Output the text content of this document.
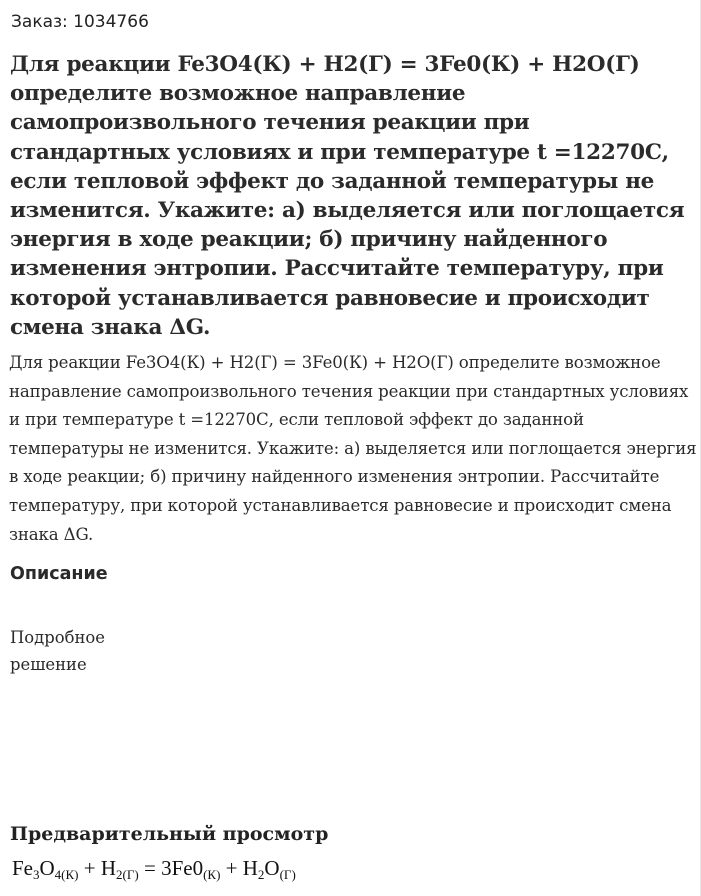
Заказ: 1034766
Для реакции Fe3O4(К) + H2(Г) = 3Fe0(К) + H2O(Г) определите возможное направление самопроизвольного течения реакции при стандартных условиях и при температуре t =12270С, если тепловой эффект до заданной температуры не изменится. Укажите: а) выделяется или поглощается энергия в ходе реакции; б) причину найденного изменения энтропии. Рассчитайте температуру, при которой устанавливается равновесие и происходит смена знака ΔG.

Для реакции Fe3O4(К) + H2(Г) = 3Fe0(К) + H2O(Г) определите возможное направление самопроизвольного течения реакции при стандартных условиях и при температуре t =12270С, если тепловой эффект до заданной температуры не изменится. Укажите: а) выделяется или поглощается энергия в ходе реакции; б) причину найденного изменения энтропии. Рассчитайте температуру, при которой устанавливается равновесие и происходит смена знака ΔG.

Описание

Подробное решение

Предварительный просмотр
$Fe_3O_{4(К)} + H_{2(Г)} = 3Fe0_{(К)} + H_2O_{(Г)}$
